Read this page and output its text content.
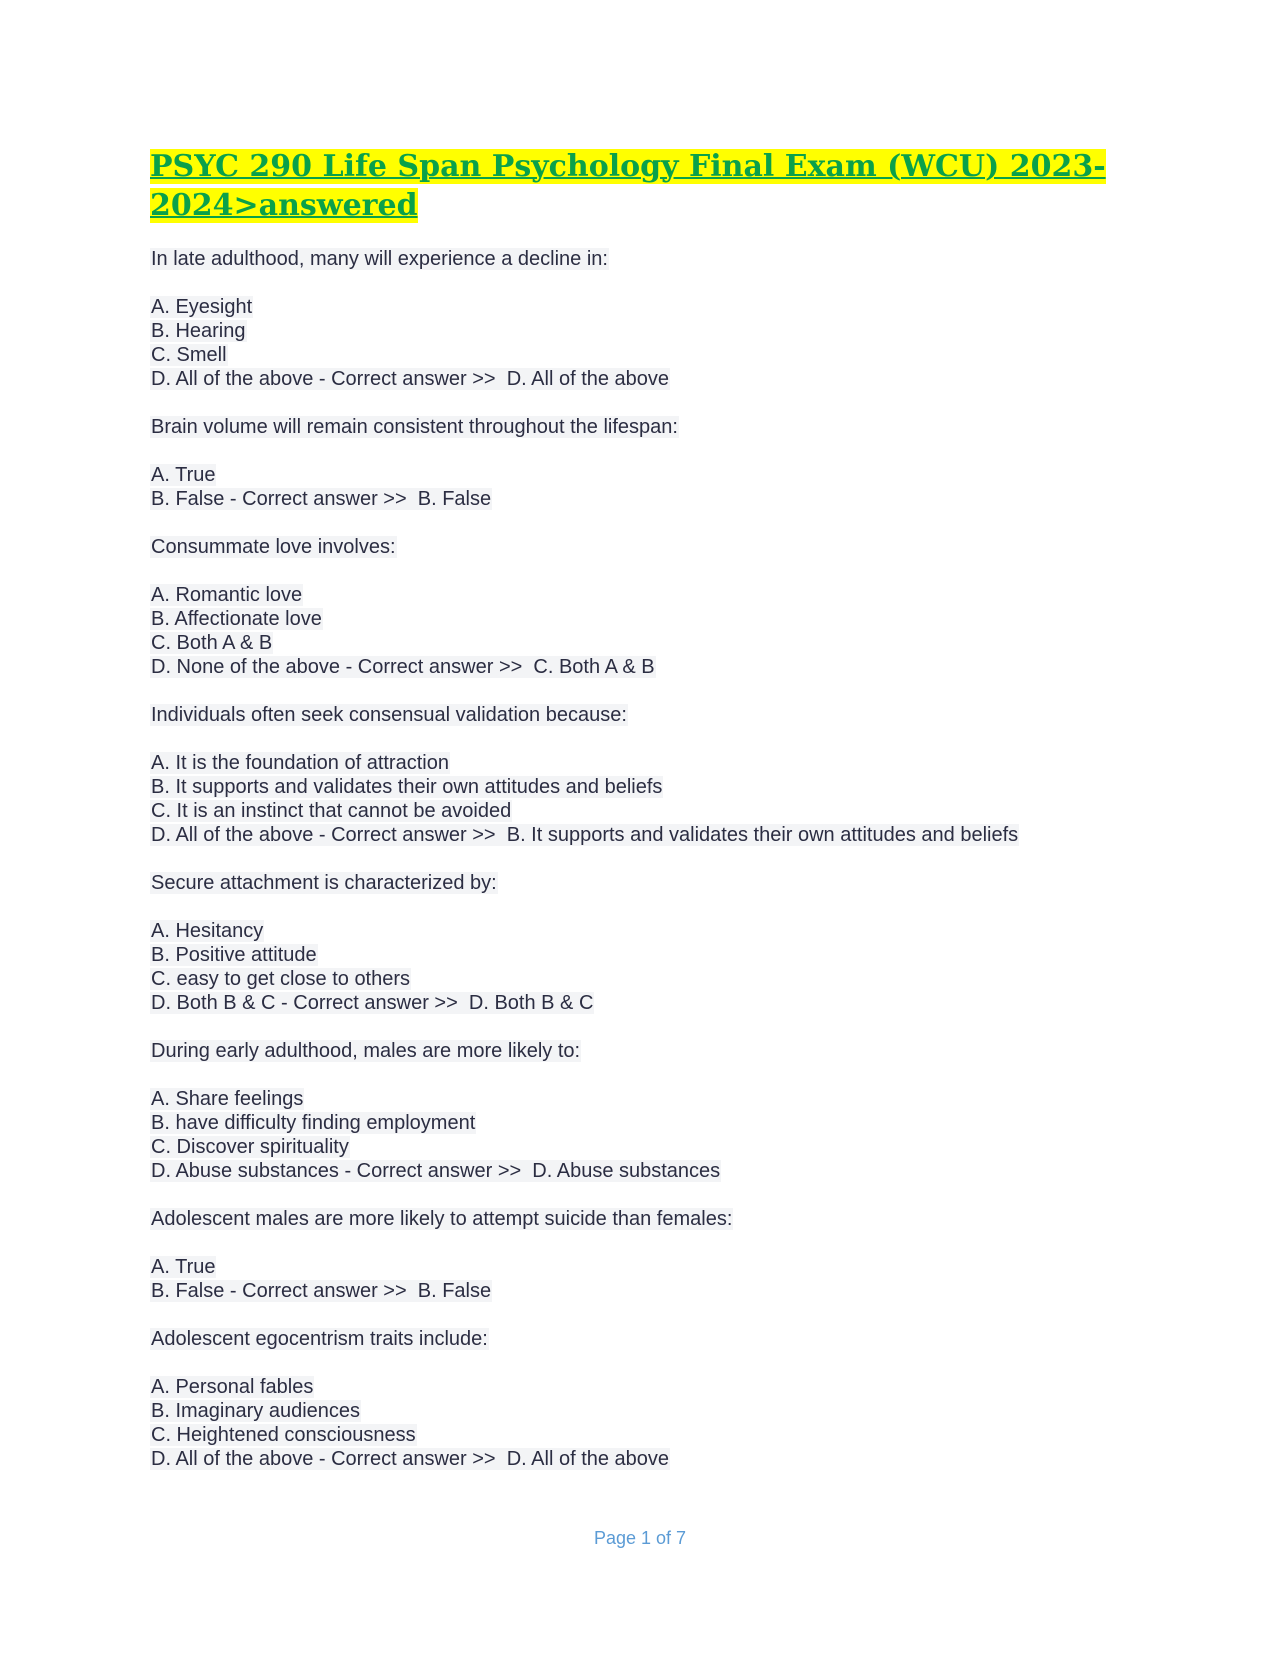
PSYC 290 Life Span Psychology Final Exam (WCU) 2023-2024>answered
In late adulthood, many will experience a decline in:
A. Eyesight
B. Hearing
C. Smell
D. All of the above - Correct answer >>  D. All of the above
Brain volume will remain consistent throughout the lifespan:
A. True
B. False - Correct answer >>  B. False
Consummate love involves:
A. Romantic love
B. Affectionate love
C. Both A & B
D. None of the above - Correct answer >>  C. Both A & B
Individuals often seek consensual validation because:
A. It is the foundation of attraction
B. It supports and validates their own attitudes and beliefs
C. It is an instinct that cannot be avoided
D. All of the above - Correct answer >>  B. It supports and validates their own attitudes and beliefs
Secure attachment is characterized by:
A. Hesitancy
B. Positive attitude
C. easy to get close to others
D. Both B & C - Correct answer >>  D. Both B & C
During early adulthood, males are more likely to:
A. Share feelings
B. have difficulty finding employment
C. Discover spirituality
D. Abuse substances - Correct answer >>  D. Abuse substances
Adolescent males are more likely to attempt suicide than females:
A. True
B. False - Correct answer >>  B. False
Adolescent egocentrism traits include:
A. Personal fables
B. Imaginary audiences
C. Heightened consciousness
D. All of the above - Correct answer >>  D. All of the above
Page 1 of 7
